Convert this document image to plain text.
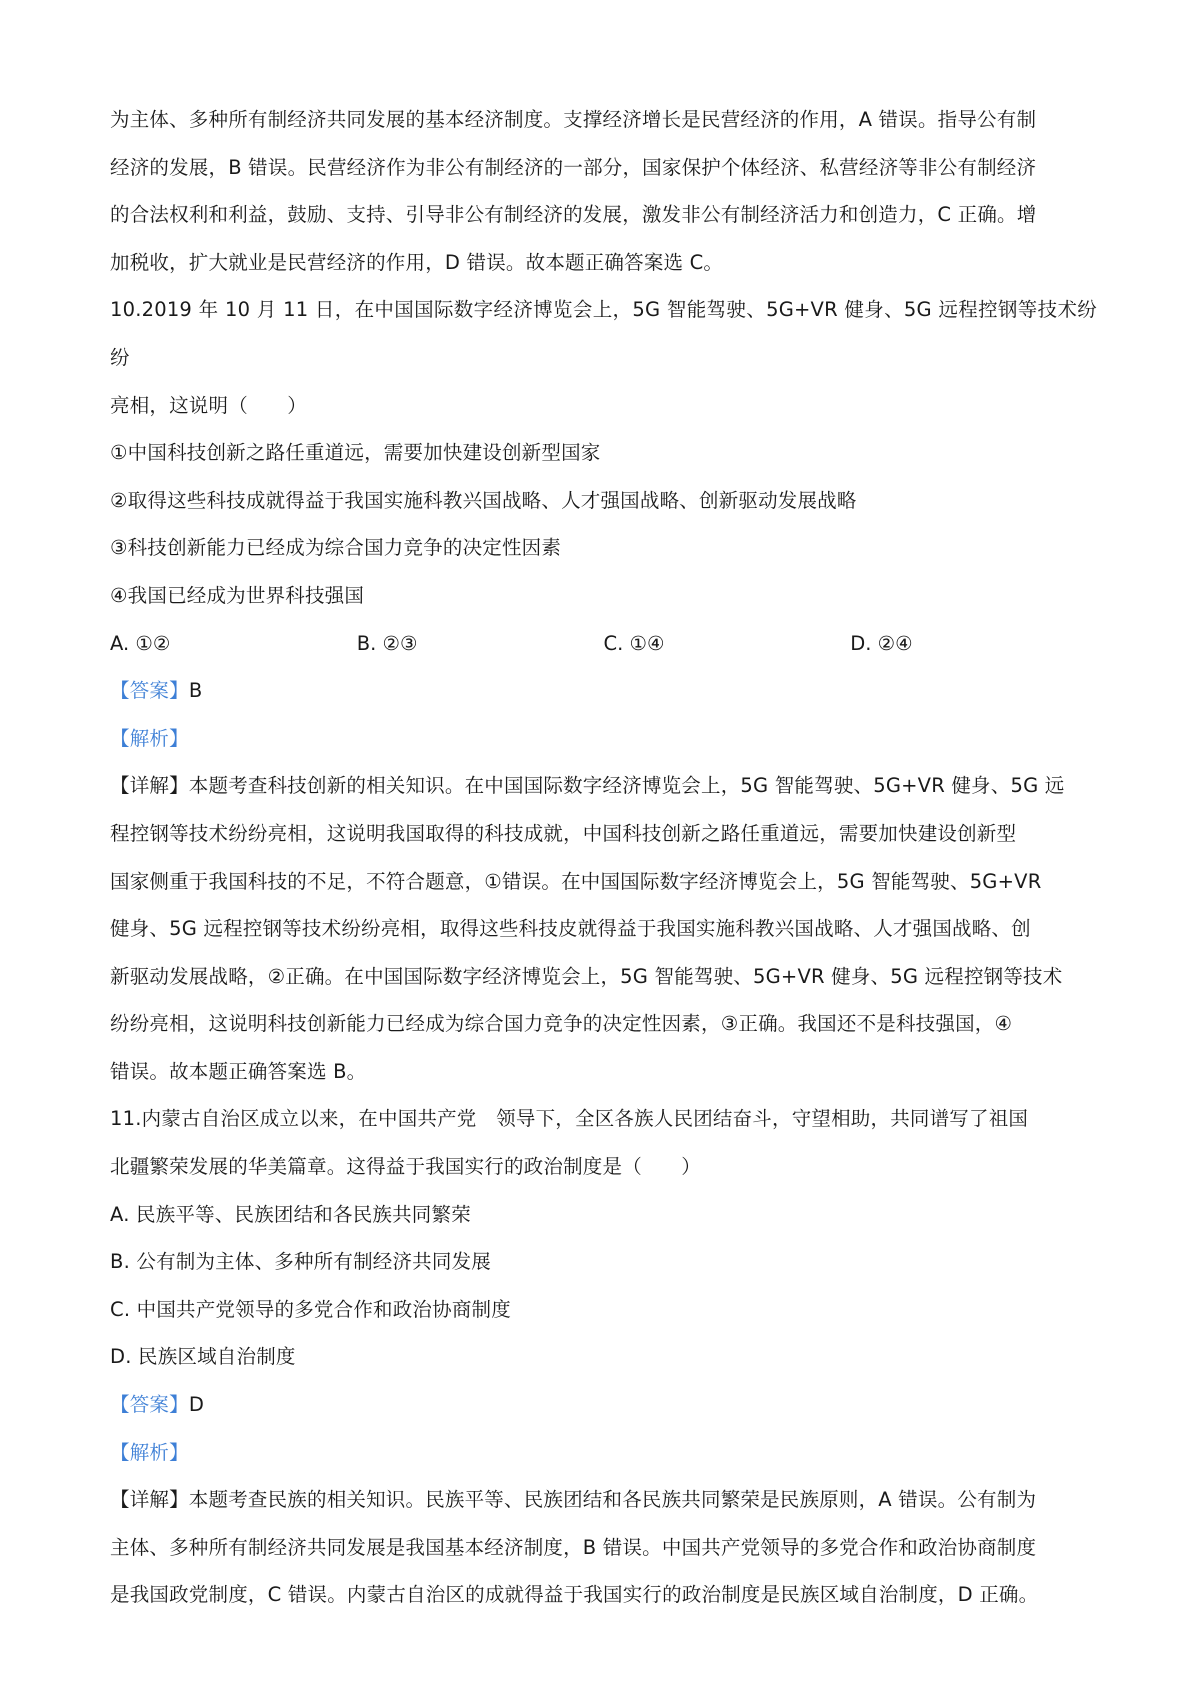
为主体、多种所有制经济共同发展的基本经济制度。支撑经济增长是民营经济的作用，A 错误。指导公有制

经济的发展，B 错误。民营经济作为非公有制经济的一部分，国家保护个体经济、私营经济等非公有制经济

的合法权利和利益，鼓励、支持、引导非公有制经济的发展，激发非公有制经济活力和创造力，C 正确。增

加税收，扩大就业是民营经济的作用，D 错误。故本题正确答案选 C。

10.2019 年 10 月 11 日，在中国国际数字经济博览会上，5G 智能驾驶、5G+VR 健身、5G 远程控钢等技术纷纷

亮相，这说明（　　）

①中国科技创新之路任重道远，需要加快建设创新型国家

②取得这些科技成就得益于我国实施科教兴国战略、人才强国战略、创新驱动发展战略

③科技创新能力已经成为综合国力竞争的决定性因素

④我国已经成为世界科技强国

A. ①②	B. ②③	C. ①④	D. ②④

【答案】B

【解析】

【详解】本题考查科技创新的相关知识。在中国国际数字经济博览会上，5G 智能驾驶、5G+VR 健身、5G 远

程控钢等技术纷纷亮相，这说明我国取得的科技成就，中国科技创新之路任重道远，需要加快建设创新型

国家侧重于我国科技的不足，不符合题意，①错误。在中国国际数字经济博览会上，5G 智能驾驶、5G+VR

健身、5G 远程控钢等技术纷纷亮相，取得这些科技皮就得益于我国实施科教兴国战略、人才强国战略、创

新驱动发展战略，②正确。在中国国际数字经济博览会上，5G 智能驾驶、5G+VR 健身、5G 远程控钢等技术

纷纷亮相，这说明科技创新能力已经成为综合国力竞争的决定性因素，③正确。我国还不是科技强国，④

错误。故本题正确答案选 B。

11.内蒙古自治区成立以来，在中国共产党　领导下，全区各族人民团结奋斗，守望相助，共同谱写了祖国

北疆繁荣发展的华美篇章。这得益于我国实行的政治制度是（　　）

A. 民族平等、民族团结和各民族共同繁荣

B. 公有制为主体、多种所有制经济共同发展

C. 中国共产党领导的多党合作和政治协商制度

D. 民族区域自治制度

【答案】D

【解析】

【详解】本题考查民族的相关知识。民族平等、民族团结和各民族共同繁荣是民族原则，A 错误。公有制为

主体、多种所有制经济共同发展是我国基本经济制度，B 错误。中国共产党领导的多党合作和政治协商制度

是我国政党制度，C 错误。内蒙古自治区的成就得益于我国实行的政治制度是民族区域自治制度，D 正确。
